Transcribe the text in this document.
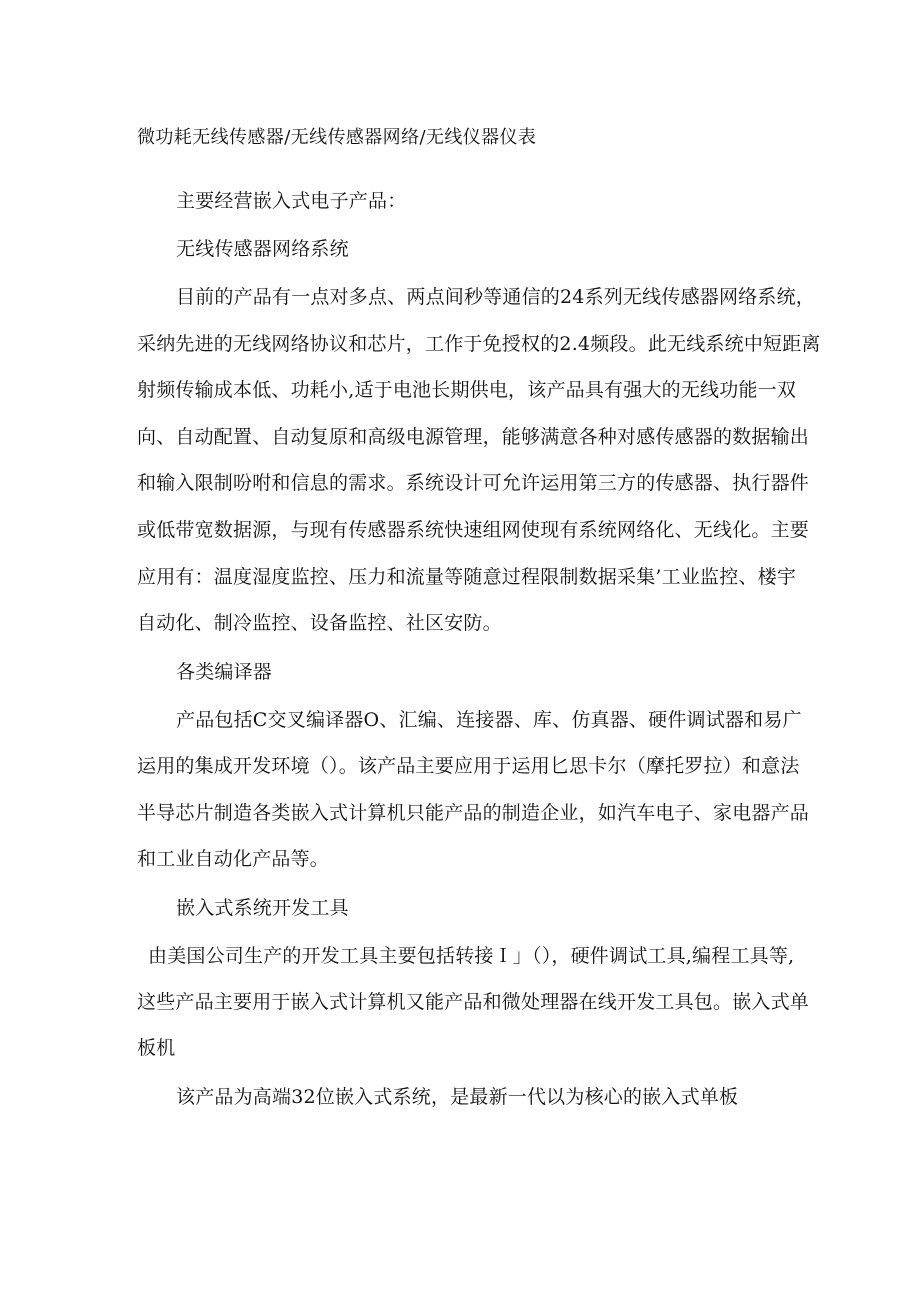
微功耗无线传感器/无线传感器网络/无线仪器仪表
主要经营嵌入式电子产品：
无线传感器网络系统
目前的产品有一点对多点、两点间秒等通信的24系列无线传感器网络系统，
采纳先进的无线网络协议和芯片，工作于免授权的2.4频段。此无线系统中短距离
射频传输成本低、功耗小,适于电池长期供电，该产品具有强大的无线功能一双
向、自动配置、自动复原和高级电源管理，能够满意各种对感传感器的数据输出
和输入限制吩咐和信息的需求。系统设计可允许运用第三方的传感器、执行器件
或低带宽数据源，与现有传感器系统快速组网使现有系统网络化、无线化。主要
应用有：温度湿度监控、压力和流量等随意过程限制数据采集’工业监控、楼宇
自动化、制冷监控、设备监控、社区安防。
各类编译器
产品包括C交叉编译器O、汇编、连接器、库、仿真器、硬件调试器和易广
运用的集成开发环境（）。该产品主要应用于运用匕思卡尔（摩托罗拉）和意法
半导芯片制造各类嵌入式计算机只能产品的制造企业，如汽车电子、家电器产品
和工业自动化产品等。
嵌入式系统开发工具
由美国公司生产的开发工具主要包括转接Ｉ」（），硬件调试工具,编程工具等,
这些产品主要用于嵌入式计算机又能产品和微处理器在线开发工具包。嵌入式单
板机
该产品为高端32位嵌入式系统，是最新一代以为核心的嵌入式单板
